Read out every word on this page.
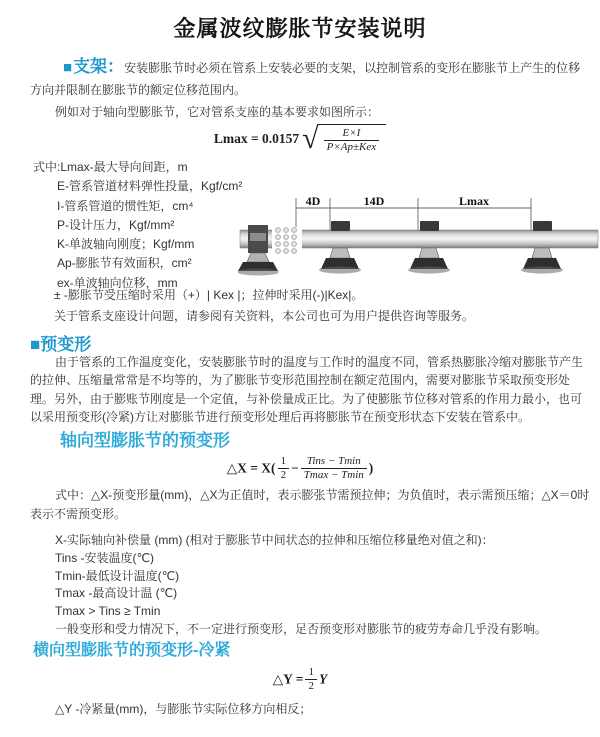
金属波纹膨胀节安装说明

■支架：安装膨胀节时必须在管系上安装必要的支架，以控制管系的变形在膨胀节上产生的位移方向并限制在膨胀节的额定位移范围内。

例如对于轴向型膨胀节，它对管系支座的基本要求如图所示：

Lmax = 0.0157 √ $\frac{E\times I}{\text{P×Ap±Kex}}$
式中:Lmax-最大导向间距，m
E-管系管道材料弹性投量，Kgf/cm²
I-管系管道的惯性矩，cm⁴
P-设计压力，Kgf/mm²
K-单波轴向刚度；Kgf/mm
Ap-膨胀节有效面积，cm²
ex-单波轴向位移，mm
4D	14D	Lmax
± -膨胀节受压缩时采用（+）| Kex |；拉伸时采用(-)|Kex|。
关于管系支座设计问题，请参阅有关资料，本公司也可为用户提供咨询等服务。

■预变形

由于管系的工作温度变化，安装膨胀节时的温度与工作时的温度不同，管系热膨胀冷缩对膨胀节产生的拉伸、压缩量常常是不均等的，为了膨胀节变形范围控制在额定范围内，需要对膨胀节采取预变形处理。另外，由于膨账节刚度是一个定值，与补偿量成正比。为了使膨胀节位移对管系的作用力最小，也可以采用预变形(冷紧)方让对膨胀节进行预变形处理后再将膨胀节在预变形状态下安装在管系中。

轴向型膨胀节的预变形

△X = $X( \frac{1}{2} - \frac{\text{Tins − Tmin}}{Tmax - Tmin}$ )

式中：△X-预变形量(mm)，△X为正值时，表示膨张节需预拉伸；为负值时，表示需预压缩；△X＝0时表示不需预变形。

X-实际轴向补偿量 (mm) (相对于膨胀节中间状态的拉伸和压缩位移量绝对值之和)：
Tins -安装温度(℃)
Tmin-最低设计温度(℃)
Tmax -最高设计温 (℃)
Tmax > Tins ≥ Tmin
一般变形和受力情况下，不一定进行预变形，足否预变形对膨胀节的疲劳寿命几乎没有影响。

横向型膨胀节的预变形-冷紧

△Y = $\frac{1}{2}$ Y
△Y -冷紧量(mm)，与膨胀节实际位移方向相反；
